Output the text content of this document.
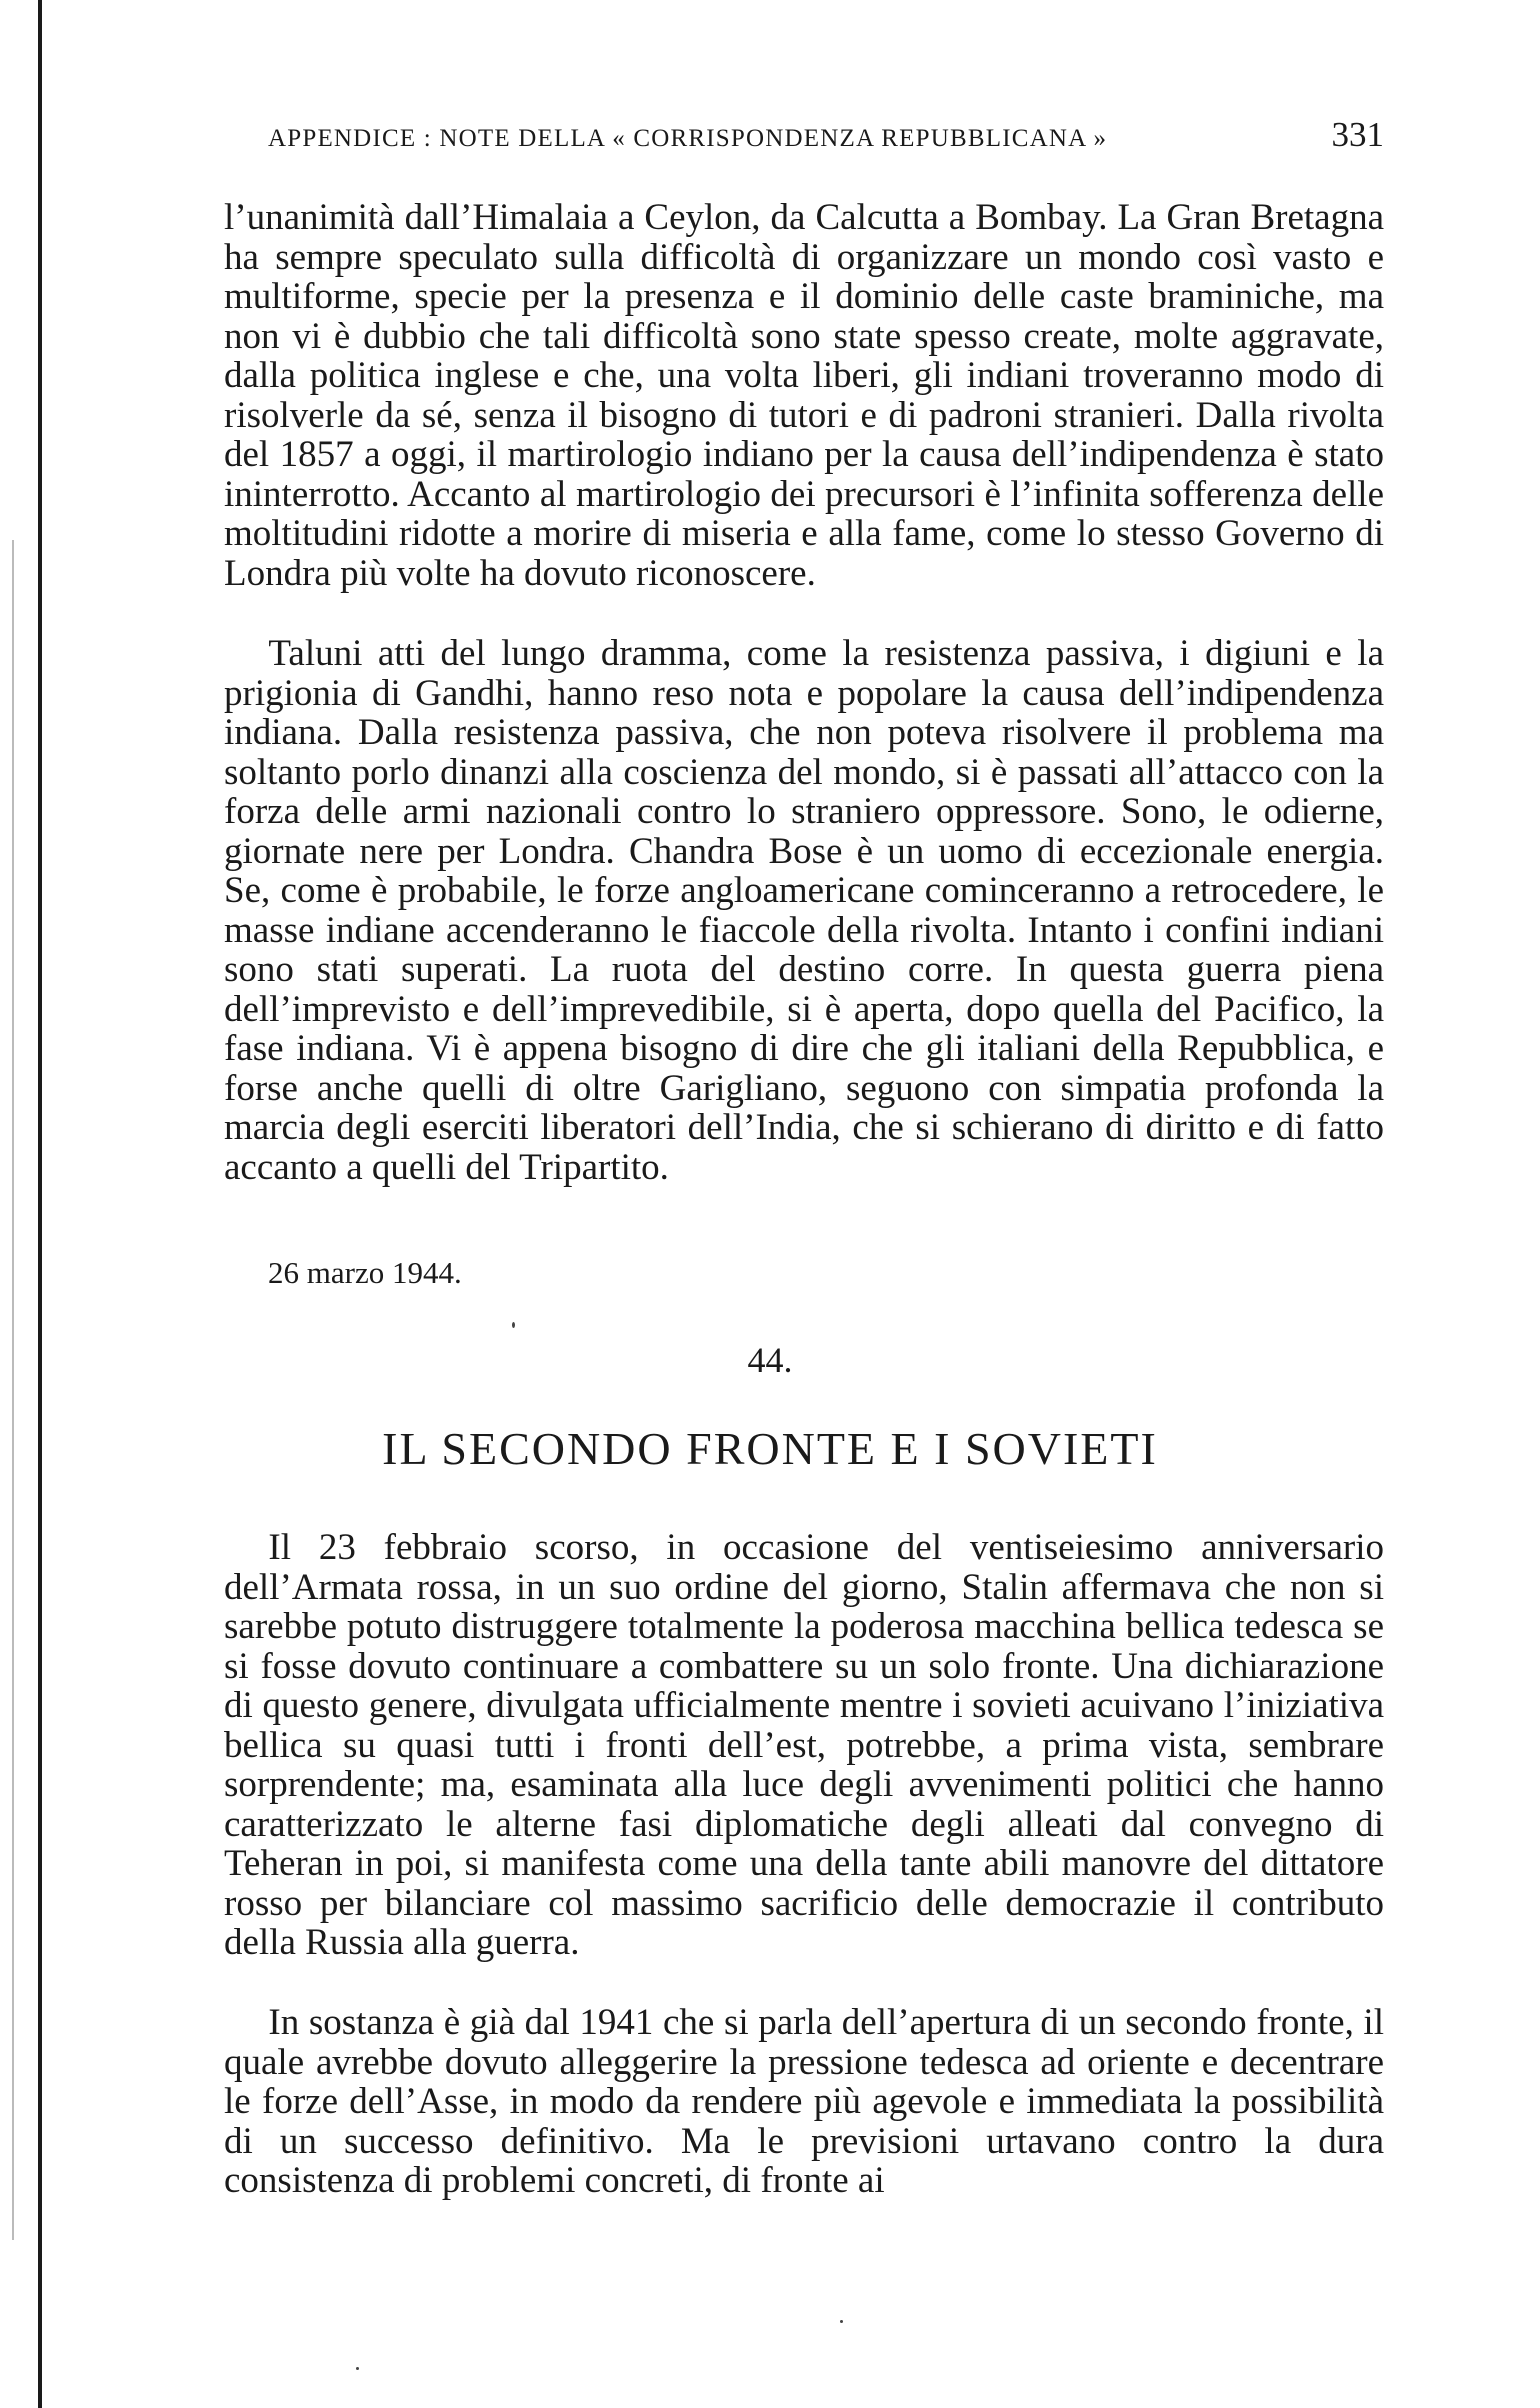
APPENDICE : NOTE DELLA « CORRISPONDENZA REPUBBLICANA »	331

l’unanimità dall’Himalaia a Ceylon, da Calcutta a Bombay. La Gran Bretagna ha sempre speculato sulla difficoltà di organizzare un mondo così vasto e multiforme, specie per la presenza e il dominio delle caste braminiche, ma non vi è dubbio che tali difficoltà sono state spesso create, molte aggravate, dalla politica inglese e che, una volta liberi, gli indiani troveranno modo di risolverle da sé, senza il bisogno di tutori e di padroni stranieri. Dalla rivolta del 1857 a oggi, il martirologio indiano per la causa dell’indipendenza è stato ininterrotto. Accanto al martirologio dei precursori è l’infinita sofferenza delle moltitudini ridotte a morire di miseria e alla fame, come lo stesso Governo di Londra più volte ha dovuto riconoscere.

Taluni atti del lungo dramma, come la resistenza passiva, i digiuni e la prigionia di Gandhi, hanno reso nota e popolare la causa dell’indipendenza indiana. Dalla resistenza passiva, che non poteva risolvere il problema ma soltanto porlo dinanzi alla coscienza del mondo, si è passati all’attacco con la forza delle armi nazionali contro lo straniero oppressore. Sono, le odierne, giornate nere per Londra. Chandra Bose è un uomo di eccezionale energia. Se, come è probabile, le forze angloamericane cominceranno a retrocedere, le masse indiane accenderanno le fiaccole della rivolta. Intanto i confini indiani sono stati superati. La ruota del destino corre. In questa guerra piena dell’imprevisto e dell’imprevedibile, si è aperta, dopo quella del Pacifico, la fase indiana. Vi è appena bisogno di dire che gli italiani della Repubblica, e forse anche quelli di oltre Garigliano, seguono con simpatia profonda la marcia degli eserciti liberatori dell’India, che si schierano di diritto e di fatto accanto a quelli del Tripartito.

26 marzo 1944.
44.
IL SECONDO FRONTE E I SOVIETI

Il 23 febbraio scorso, in occasione del ventiseiesimo anniversario dell’Armata rossa, in un suo ordine del giorno, Stalin affermava che non si sarebbe potuto distruggere totalmente la poderosa macchina bellica tedesca se si fosse dovuto continuare a combattere su un solo fronte. Una dichiarazione di questo genere, divulgata ufficialmente mentre i sovieti acuivano l’iniziativa bellica su quasi tutti i fronti dell’est, potrebbe, a prima vista, sembrare sorprendente; ma, esaminata alla luce degli avvenimenti politici che hanno caratterizzato le alterne fasi diplomatiche degli alleati dal convegno di Teheran in poi, si manifesta come una della tante abili manovre del dittatore rosso per bilanciare col massimo sacrificio delle democrazie il contributo della Russia alla guerra.

In sostanza è già dal 1941 che si parla dell’apertura di un secondo fronte, il quale avrebbe dovuto alleggerire la pressione tedesca ad oriente e decentrare le forze dell’Asse, in modo da rendere più agevole e immediata la possibilità di un successo definitivo. Ma le previsioni urtavano contro la dura consistenza di problemi concreti, di fronte ai
